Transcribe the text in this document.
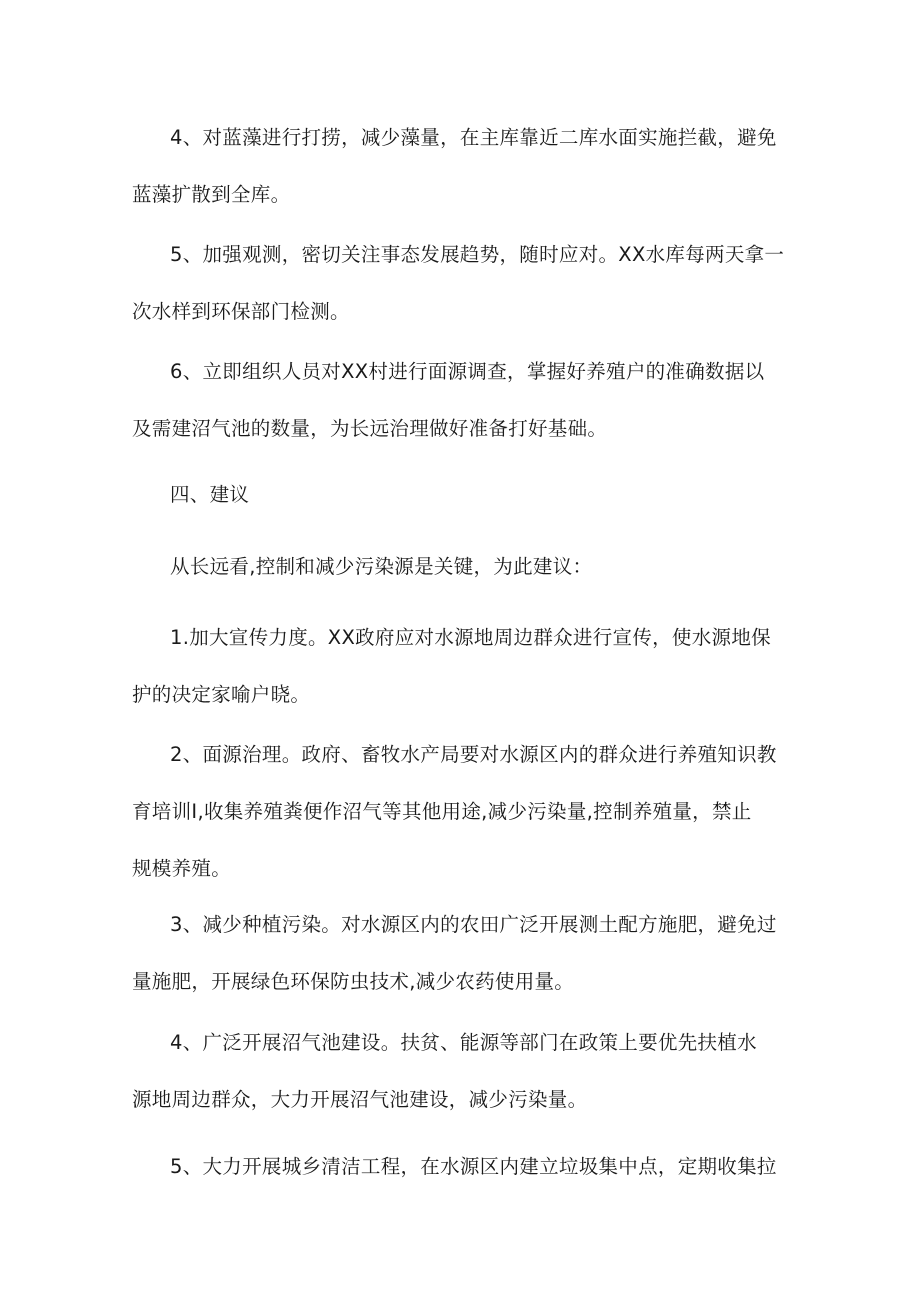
4、对蓝藻进行打捞，减少藻量，在主库靠近二库水面实施拦截，避免
蓝藻扩散到全库。
5、加强观测，密切关注事态发展趋势，随时应对。XX水库每两天拿一
次水样到环保部门检测。
6、立即组织人员对XX村进行面源调查，掌握好养殖户的准确数据以
及需建沼气池的数量，为长远治理做好准备打好基础。
四、建议
从长远看,控制和减少污染源是关键，为此建议：
1.加大宣传力度。XX政府应对水源地周边群众进行宣传，使水源地保
护的决定家喻户晓。
2、面源治理。政府、畜牧水产局要对水源区内的群众进行养殖知识教
育培训I,收集养殖粪便作沼气等其他用途,减少污染量,控制养殖量，禁止
规模养殖。
3、减少种植污染。对水源区内的农田广泛开展测土配方施肥，避免过
量施肥，开展绿色环保防虫技术,减少农药使用量。
4、广泛开展沼气池建设。扶贫、能源等部门在政策上要优先扶植水
源地周边群众，大力开展沼气池建设，减少污染量。
5、大力开展城乡清洁工程，在水源区内建立垃圾集中点，定期收集拉
